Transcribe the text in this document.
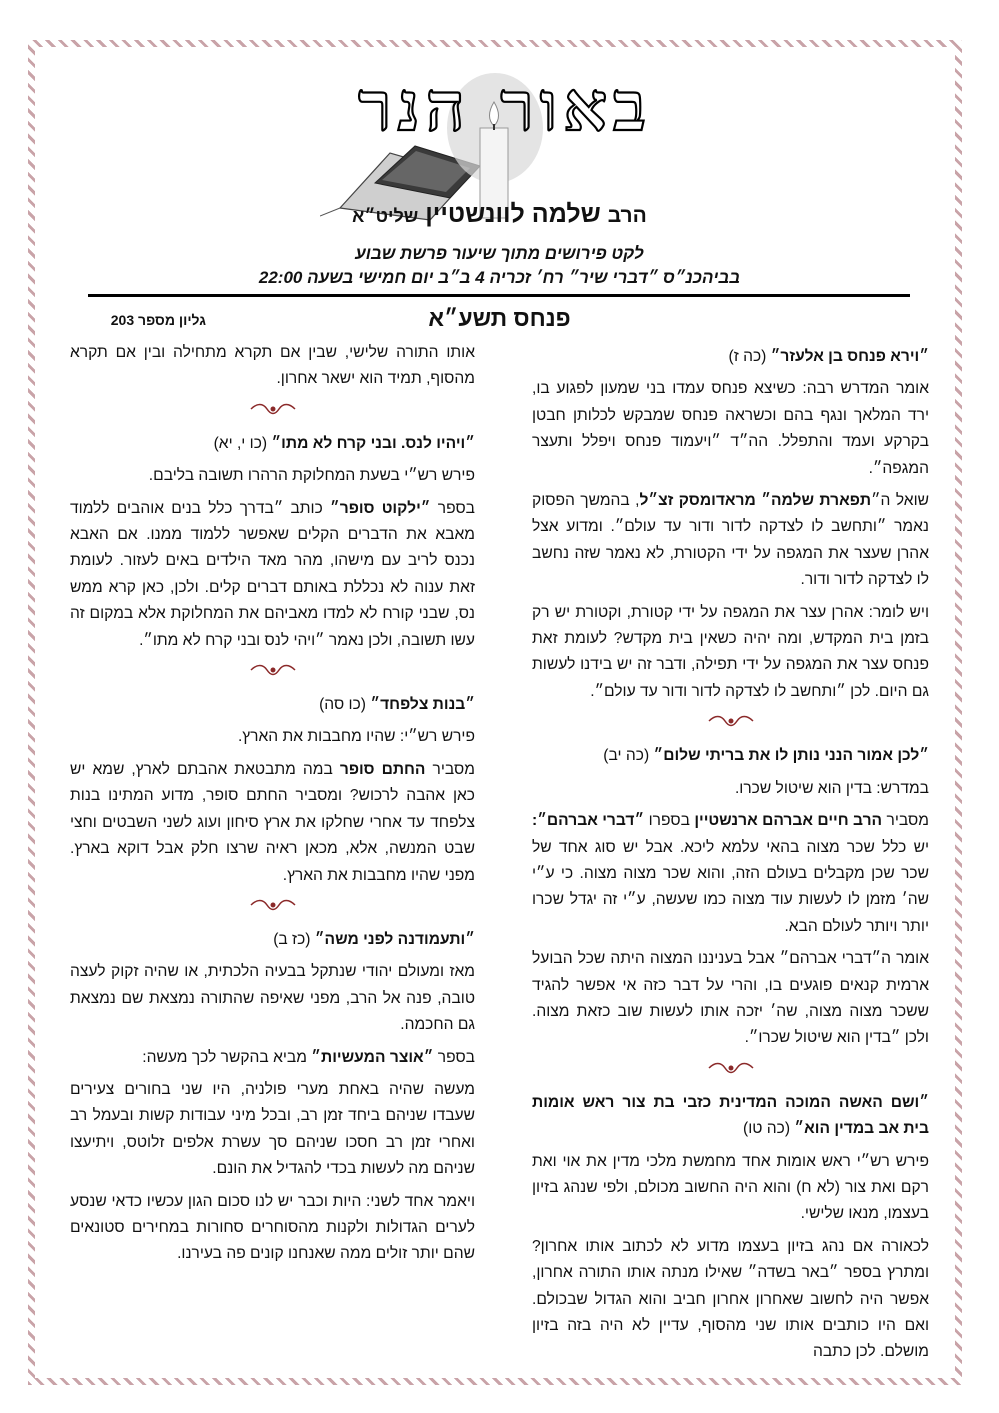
באור הנר
הרב שלמה לוונשטיין שליט״א
לקט פירושים מתוך שיעור פרשת שבוע
בביהכנ״ס ״דברי שיר״ רח׳ זכריה 4 ב״ב יום חמישי בשעה 22:00
פנחס תשע״א
גליון מספר 203
״וירא פנחס בן אלעזר״ (כה ז)

אומר המדרש רבה: כשיצא פנחס עמדו בני שמעון לפגוע בו, ירד המלאך ונגף בהם וכשראה פנחס שמבקש לכלותן חבטן בקרקע ועמד והתפלל. הה״ד ״ויעמוד פנחס ויפלל ותעצר המגפה״.

שואל ה״תפארת שלמה״ מראדומסק זצ״ל, בהמשך הפסוק נאמר ״ותחשב לו לצדקה לדור ודור עד עולם״. ומדוע אצל אהרן שעצר את המגפה על ידי הקטורת, לא נאמר שזה נחשב לו לצדקה לדור ודור.

ויש לומר: אהרן עצר את המגפה על ידי קטורת, וקטורת יש רק בזמן בית המקדש, ומה יהיה כשאין בית מקדש? לעומת זאת פנחס עצר את המגפה על ידי תפילה, ודבר זה יש בידנו לעשות גם היום. לכן ״ותחשב לו לצדקה לדור ודור עד עולם״.

״לכן אמור הנני נותן לו את בריתי שלום״ (כה יב)

במדרש: בדין הוא שיטול שכרו.

מסביר הרב חיים אברהם ארנשטיין בספרו ״דברי אברהם״: יש כלל שכר מצוה בהאי עלמא ליכא. אבל יש סוג אחד של שכר שכן מקבלים בעולם הזה, והוא שכר מצוה מצוה. כי ע״י שה׳ מזמן לו לעשות עוד מצוה כמו שעשה, ע״י זה יגדל שכרו יותר ויותר לעולם הבא.

אומר ה״דברי אברהם״ אבל בעניננו המצוה היתה שכל הבועל ארמית קנאים פוגעים בו, והרי על דבר כזה אי אפשר להגיד ששכר מצוה מצוה, שה׳ יזכה אותו לעשות שוב כזאת מצוה. ולכן ״בדין הוא שיטול שכרו״.

״ושם האשה המוכה המדינית כזבי בת צור ראש אומות בית אב במדין הוא״ (כה טו)

פירש רש״י ראש אומות אחד מחמשת מלכי מדין את אוי ואת רקם ואת צור (לא ח) והוא היה החשוב מכולם, ולפי שנהג בזיון בעצמו, מנאו שלישי.

לכאורה אם נהג בזיון בעצמו מדוע לא לכתוב אותו אחרון? ומתרץ בספר ״באר בשדה״ שאילו מנתה אותו התורה אחרון, אפשר היה לחשוב שאחרון אחרון חביב והוא הגדול שבכולם. ואם היו כותבים אותו שני מהסוף, עדיין לא היה בזה בזיון מושלם. לכן כתבה

אותו התורה שלישי, שבין אם תקרא מתחילה ובין אם תקרא מהסוף, תמיד הוא ישאר אחרון.

״ויהיו לנס. ובני קרח לא מתו״ (כו י, יא)

פירש רש״י בשעת המחלוקת הרהרו תשובה בליבם.

בספר ״ילקוט סופר״ כותב ״בדרך כלל בנים אוהבים ללמוד מאבא את הדברים הקלים שאפשר ללמוד ממנו. אם האבא נכנס לריב עם מישהו, מהר מאד הילדים באים לעזור. לעומת זאת ענוה לא נכללת באותם דברים קלים. ולכן, כאן קרא ממש נס, שבני קורח לא למדו מאביהם את המחלוקת אלא במקום זה עשו תשובה, ולכן נאמר ״ויהי לנס ובני קרח לא מתו״.

״בנות צלפחד״ (כו סה)

פירש רש״י: שהיו מחבבות את הארץ.

מסביר החתם סופר במה מתבטאת אהבתם לארץ, שמא יש כאן אהבה לרכוש? ומסביר החתם סופר, מדוע המתינו בנות צלפחד עד אחרי שחלקו את ארץ סיחון ועוג לשני השבטים וחצי שבט המנשה, אלא, מכאן ראיה שרצו חלק אבל דוקא בארץ. מפני שהיו מחבבות את הארץ.

״ותעמודנה לפני משה״ (כז ב)

מאז ומעולם יהודי שנתקל בבעיה הלכתית, או שהיה זקוק לעצה טובה, פנה אל הרב, מפני שאיפה שהתורה נמצאת שם נמצאת גם החכמה.

בספר ״אוצר המעשיות״ מביא בהקשר לכך מעשה:

מעשה שהיה באחת מערי פולניה, היו שני בחורים צעירים שעבדו שניהם ביחד זמן רב, ובכל מיני עבודות קשות ובעמל רב ואחרי זמן רב חסכו שניהם סך עשרת אלפים זלוטס, ויתיעצו שניהם מה לעשות בכדי להגדיל את הונם.

ויאמר אחד לשני: היות וכבר יש לנו סכום הגון עכשיו כדאי שנסע לערים הגדולות ולקנות מהסוחרים סחורות במחירים סטונאים שהם יותר זולים ממה שאנחנו קונים פה בעירנו.
